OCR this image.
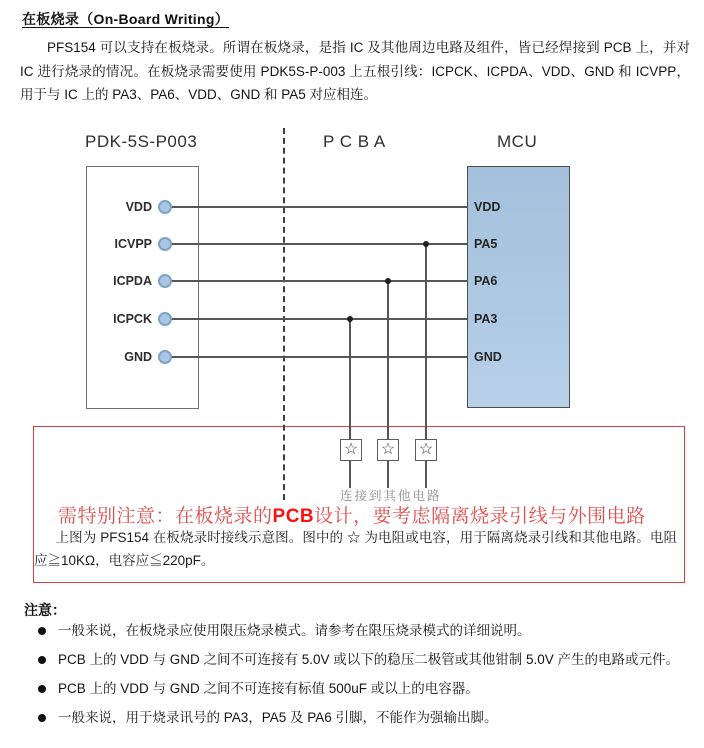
在板烧录（On-Board Writing）
PFS154 可以支持在板烧录。所谓在板烧录，是指 IC 及其他周边电路及组件，皆已经焊接到 PCB 上，并对 IC 进行烧录的情况。在板烧录需要使用 PDK5S-P-003 上五根引线：ICPCK、ICPDA、VDD、GND 和 ICVPP，用于与 IC 上的 PA3、PA6、VDD、GND 和 PA5 对应相连。
PDK-5S-P003	P C B A	MCU
VDD
ICVPP
ICPDA
ICPCK
GND
VDD
PA5
PA6
PA3
GND
☆ ☆ ☆
连接到其他电路
需特别注意：在板烧录的PCB设计，要考虑隔离烧录引线与外围电路
上图为 PFS154 在板烧录时接线示意图。图中的 ☆ 为电阻或电容，用于隔离烧录引线和其他电路。电阻应≧10KΩ，电容应≦220pF。
注意：
一般来说，在板烧录应使用限压烧录模式。请参考在限压烧录模式的详细说明。
PCB 上的 VDD 与 GND 之间不可连接有 5.0V 或以下的稳压二极管或其他钳制 5.0V 产生的电路或元件。
PCB 上的 VDD 与 GND 之间不可连接有标值 500uF 或以上的电容器。
一般来说，用于烧录讯号的 PA3，PA5 及 PA6 引脚，不能作为强输出脚。
